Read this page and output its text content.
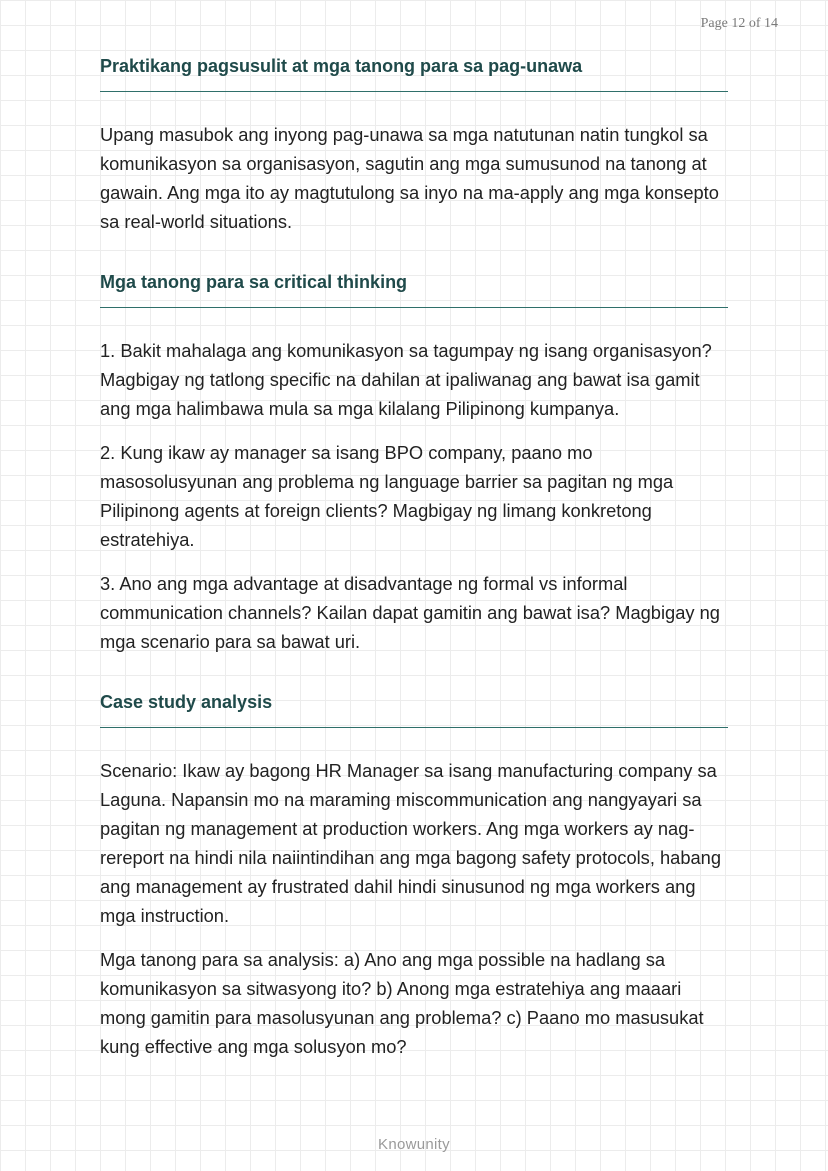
Page 12 of 14
Praktikang pagsusulit at mga tanong para sa pag-unawa

Upang masubok ang inyong pag-unawa sa mga natutunan natin tungkol sa komunikasyon sa organisasyon, sagutin ang mga sumusunod na tanong at gawain. Ang mga ito ay magtutulong sa inyo na ma-apply ang mga konsepto sa real-world situations.

Mga tanong para sa critical thinking

1. Bakit mahalaga ang komunikasyon sa tagumpay ng isang organisasyon? Magbigay ng tatlong specific na dahilan at ipaliwanag ang bawat isa gamit ang mga halimbawa mula sa mga kilalang Pilipinong kumpanya.

2. Kung ikaw ay manager sa isang BPO company, paano mo masosolusyunan ang problema ng language barrier sa pagitan ng mga Pilipinong agents at foreign clients? Magbigay ng limang konkretong estratehiya.

3. Ano ang mga advantage at disadvantage ng formal vs informal communication channels? Kailan dapat gamitin ang bawat isa? Magbigay ng mga scenario para sa bawat uri.

Case study analysis

Scenario: Ikaw ay bagong HR Manager sa isang manufacturing company sa Laguna. Napansin mo na maraming miscommunication ang nangyayari sa pagitan ng management at production workers. Ang mga workers ay nag-rereport na hindi nila naiintindihan ang mga bagong safety protocols, habang ang management ay frustrated dahil hindi sinusunod ng mga workers ang mga instruction.

Mga tanong para sa analysis: a) Ano ang mga possible na hadlang sa komunikasyon sa sitwasyong ito? b) Anong mga estratehiya ang maaari mong gamitin para masolusyunan ang problema? c) Paano mo masusukat kung effective ang mga solusyon mo?

Knowunity
